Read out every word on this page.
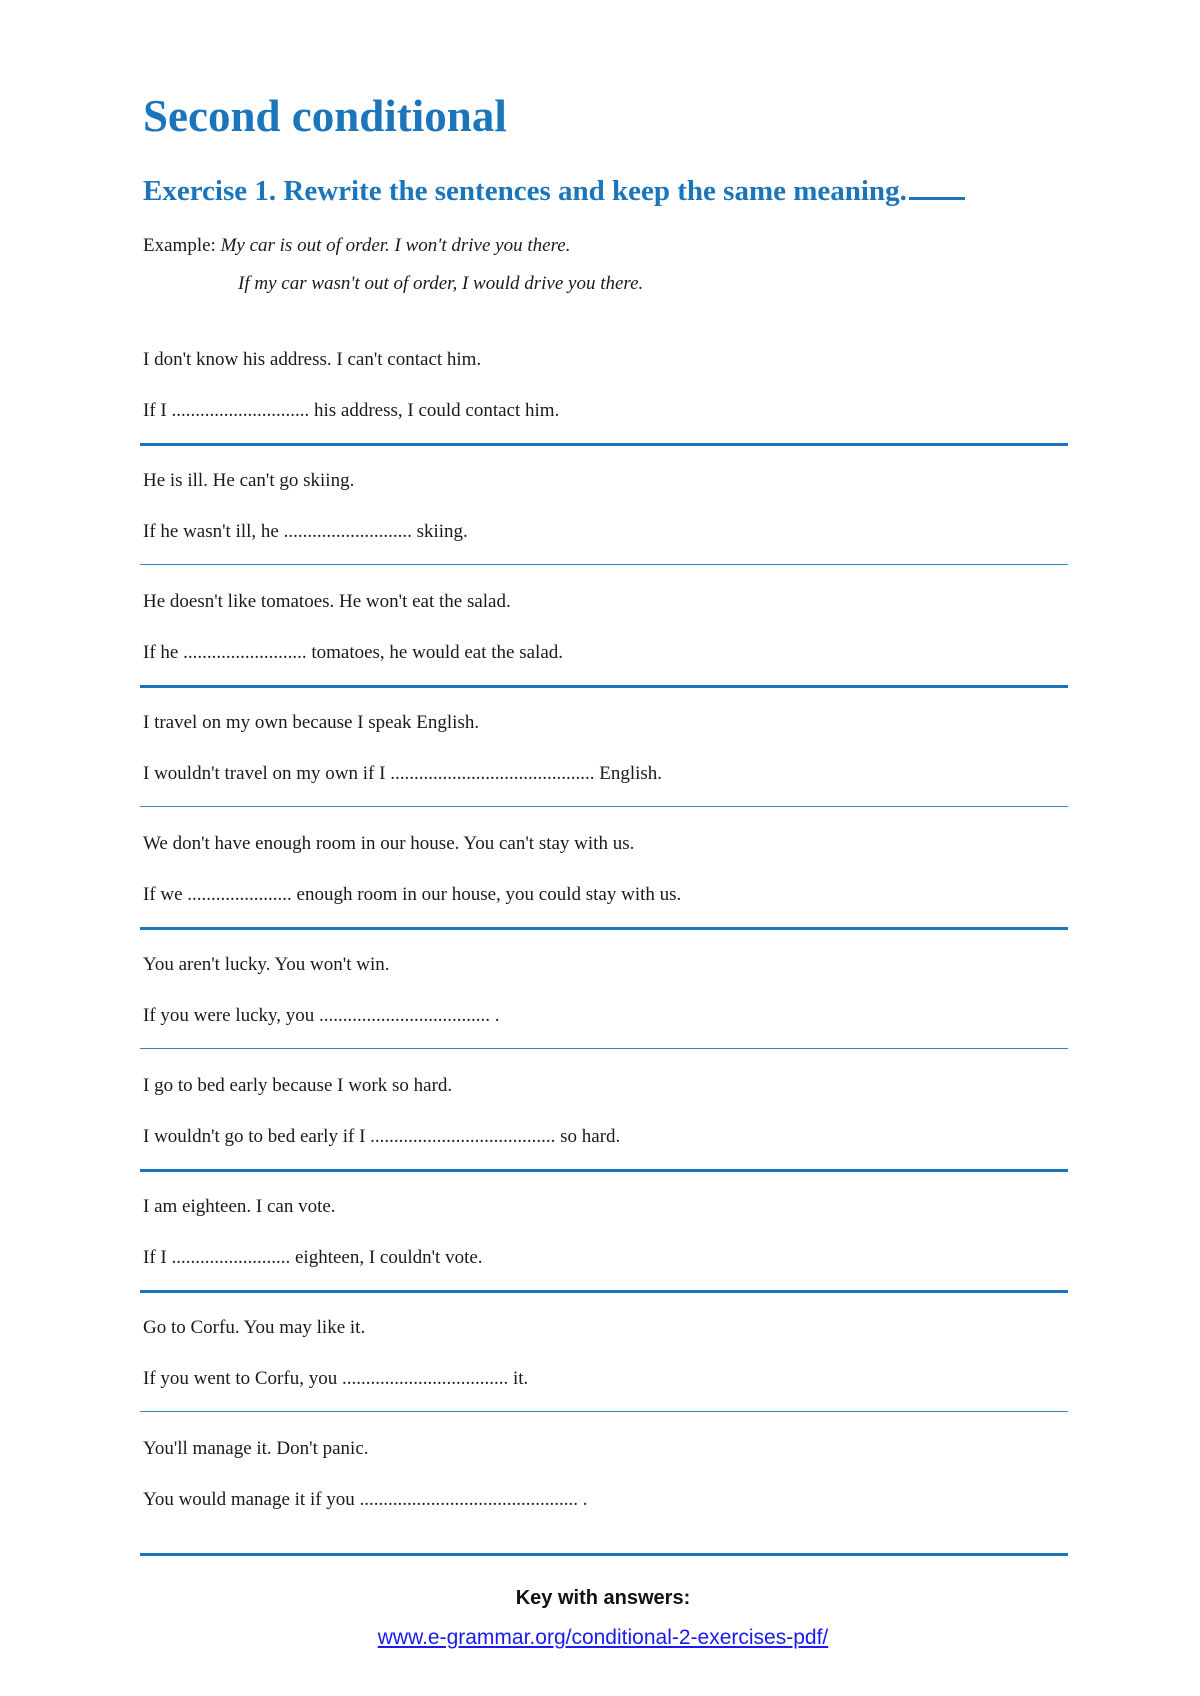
Second conditional
Exercise 1. Rewrite the sentences and keep the same meaning.
Example: My car is out of order. I won't drive you there.
If my car wasn't out of order, I would drive you there.
I don't know his address. I can't contact him.
If I ............................. his address, I could contact him.
He is ill. He can't go skiing.
If he wasn't ill, he ........................... skiing.
He doesn't like tomatoes. He won't eat the salad.
If he .......................... tomatoes, he would eat the salad.
I travel on my own because I speak English.
I wouldn't travel on my own if I ........................................... English.
We don't have enough room in our house. You can't stay with us.
If we ...................... enough room in our house, you could stay with us.
You aren't lucky. You won't win.
If you were lucky, you .................................... .
I go to bed early because I work so hard.
I wouldn't go to bed early if I ....................................... so hard.
I am eighteen. I can vote.
If I ......................... eighteen, I couldn't vote.
Go to Corfu. You may like it.
If you went to Corfu, you ................................... it.
You'll manage it. Don't panic.
You would manage it if you .............................................. .
Key with answers:
www.e-grammar.org/conditional-2-exercises-pdf/
